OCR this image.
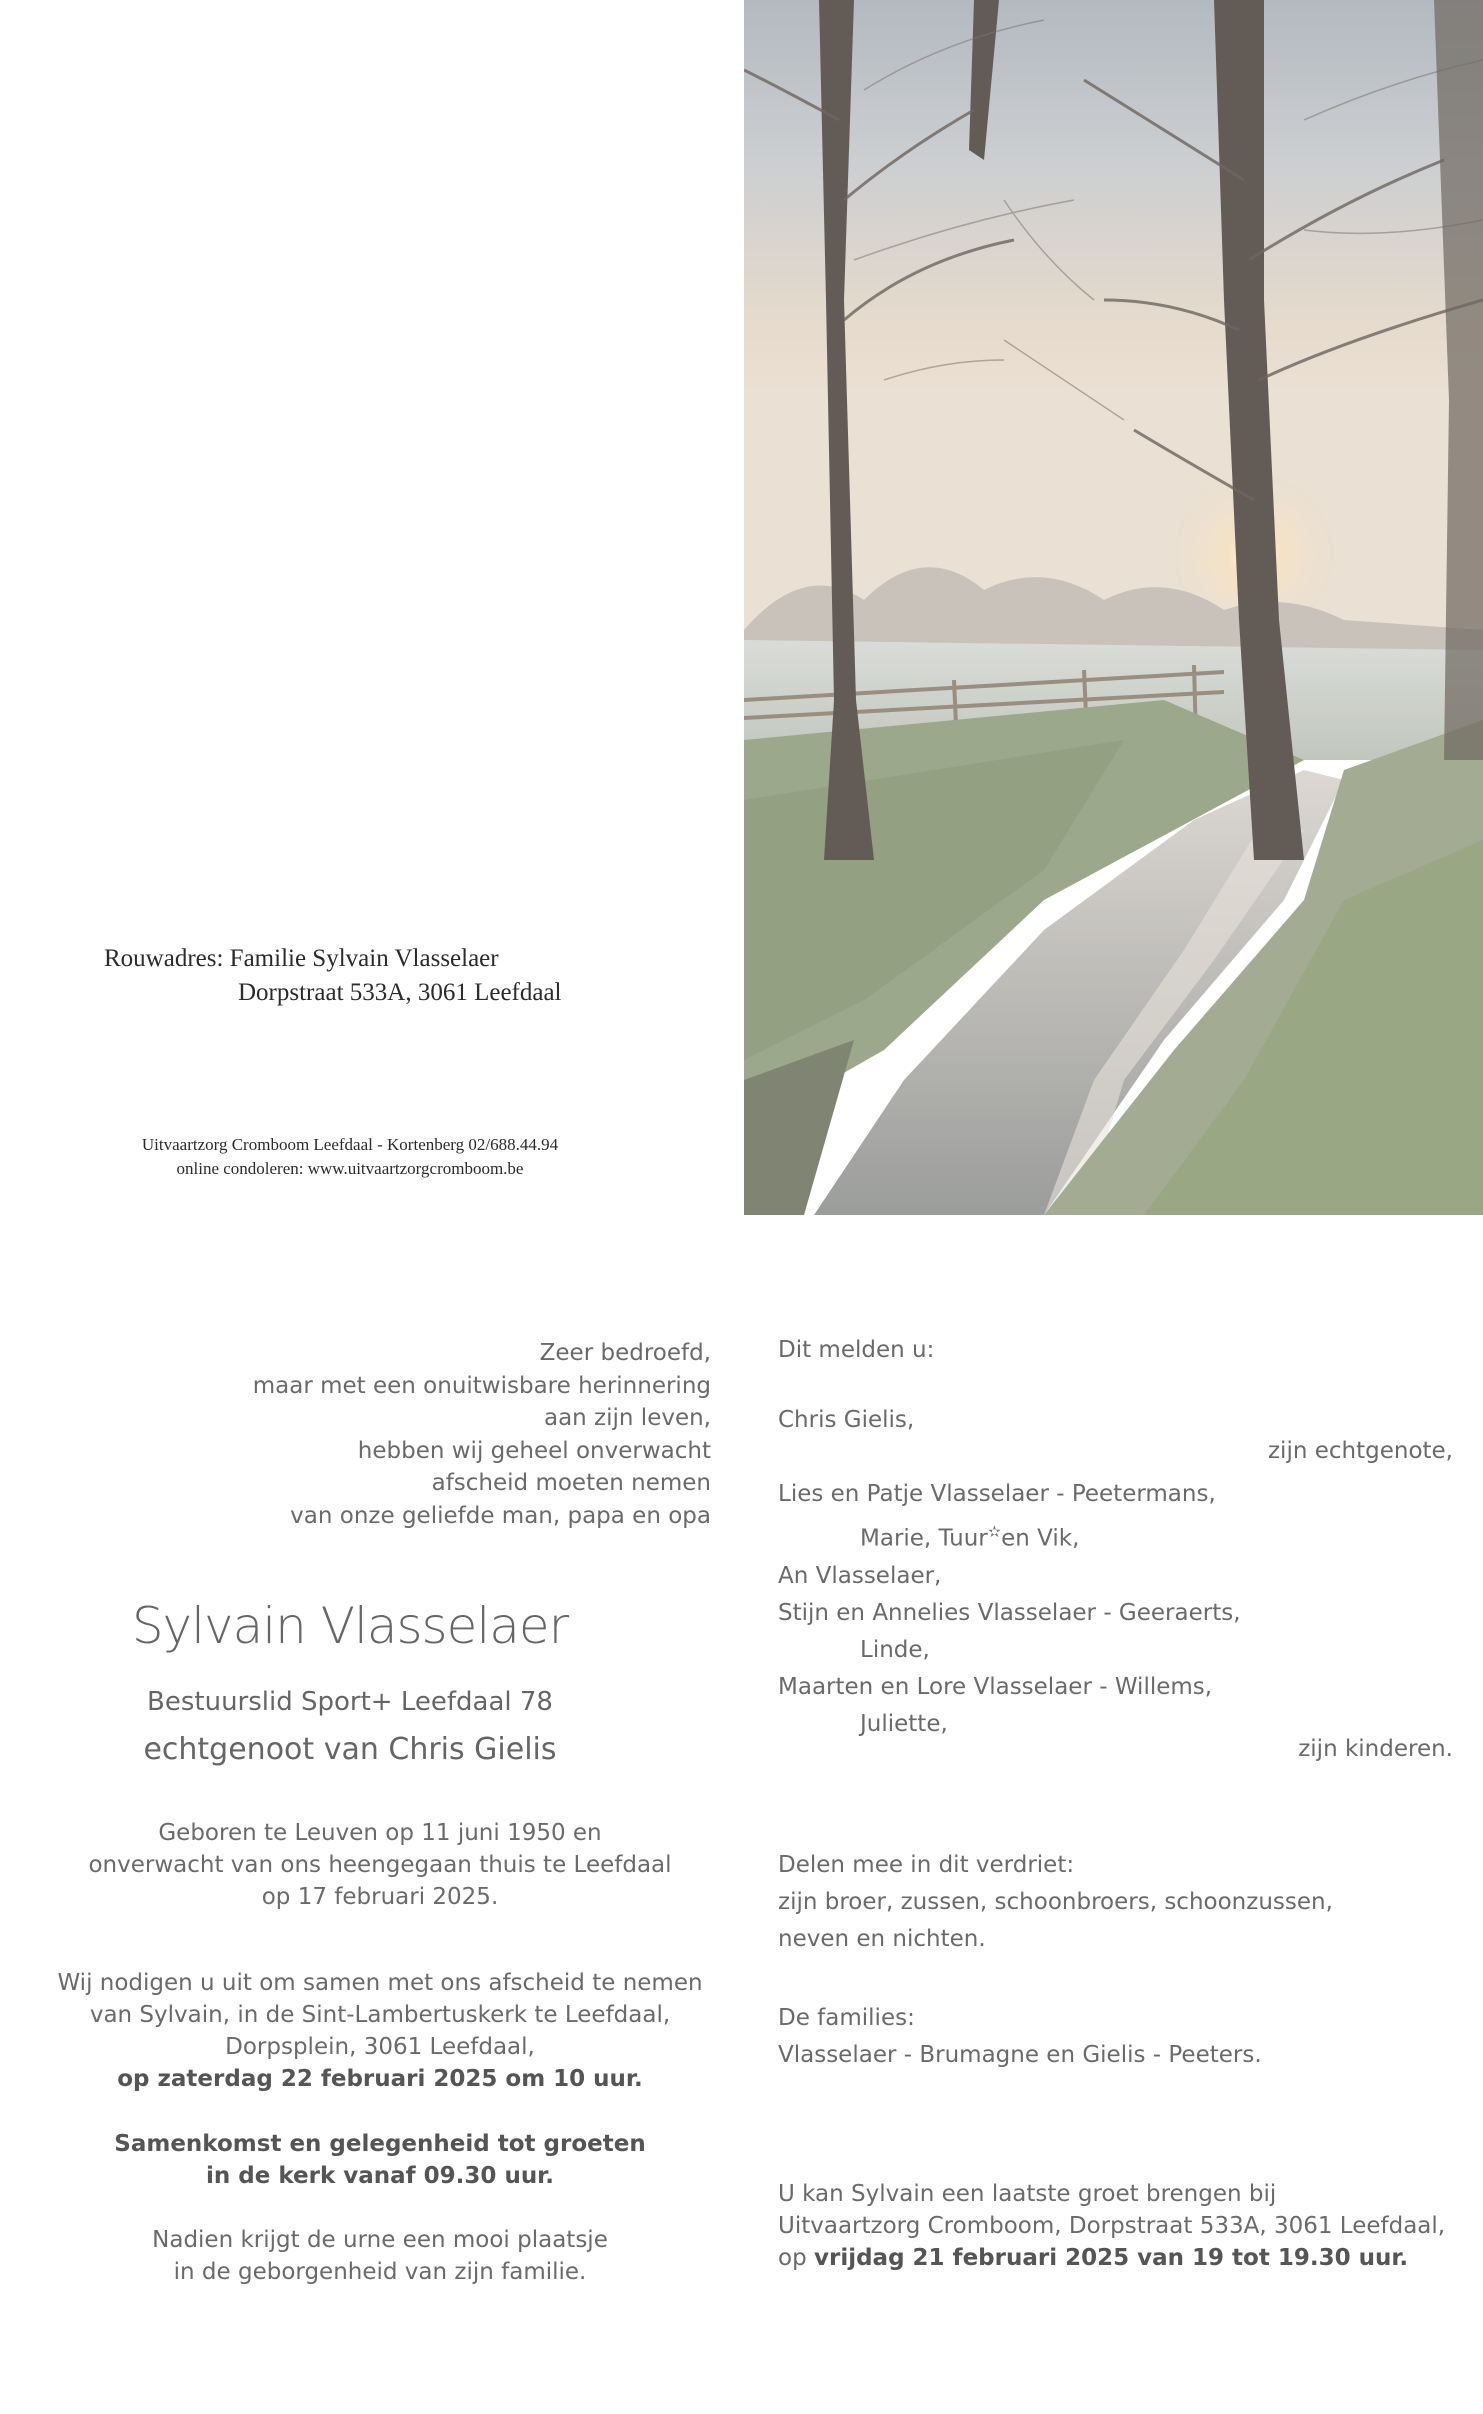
Rouwadres: Familie Sylvain Vlasselaer
Dorpstraat 533A, 3061 Leefdaal
Uitvaartzorg Cromboom Leefdaal - Kortenberg 02/688.44.94
online condoleren: www.uitvaartzorgcromboom.be
Zeer bedroefd,
maar met een onuitwisbare herinnering
aan zijn leven,
hebben wij geheel onverwacht
afscheid moeten nemen
van onze geliefde man, papa en opa
Sylvain Vlasselaer
Bestuurslid Sport+ Leefdaal 78
echtgenoot van Chris Gielis
Geboren te Leuven op 11 juni 1950 en
onverwacht van ons heengegaan thuis te Leefdaal
op 17 februari 2025.
Wij nodigen u uit om samen met ons afscheid te nemen
van Sylvain, in de Sint-Lambertuskerk te Leefdaal,
Dorpsplein, 3061 Leefdaal,
op zaterdag 22 februari 2025 om 10 uur.
Samenkomst en gelegenheid tot groeten
in de kerk vanaf 09.30 uur.
Nadien krijgt de urne een mooi plaatsje
in de geborgenheid van zijn familie.
Dit melden u:
Chris Gielis,
zijn echtgenote,
Lies en Patje Vlasselaer - Peetermans,
Marie, Tuur✫en Vik,
An Vlasselaer,
Stijn en Annelies Vlasselaer - Geeraerts,
Linde,
Maarten en Lore Vlasselaer - Willems,
Juliette,
zijn kinderen.
Delen mee in dit verdriet:
zijn broer, zussen, schoonbroers, schoonzussen,
neven en nichten.
De families:
Vlasselaer - Brumagne en Gielis - Peeters.
U kan Sylvain een laatste groet brengen bij
Uitvaartzorg Cromboom, Dorpstraat 533A, 3061 Leefdaal,
op vrijdag 21 februari 2025 van 19 tot 19.30 uur.
